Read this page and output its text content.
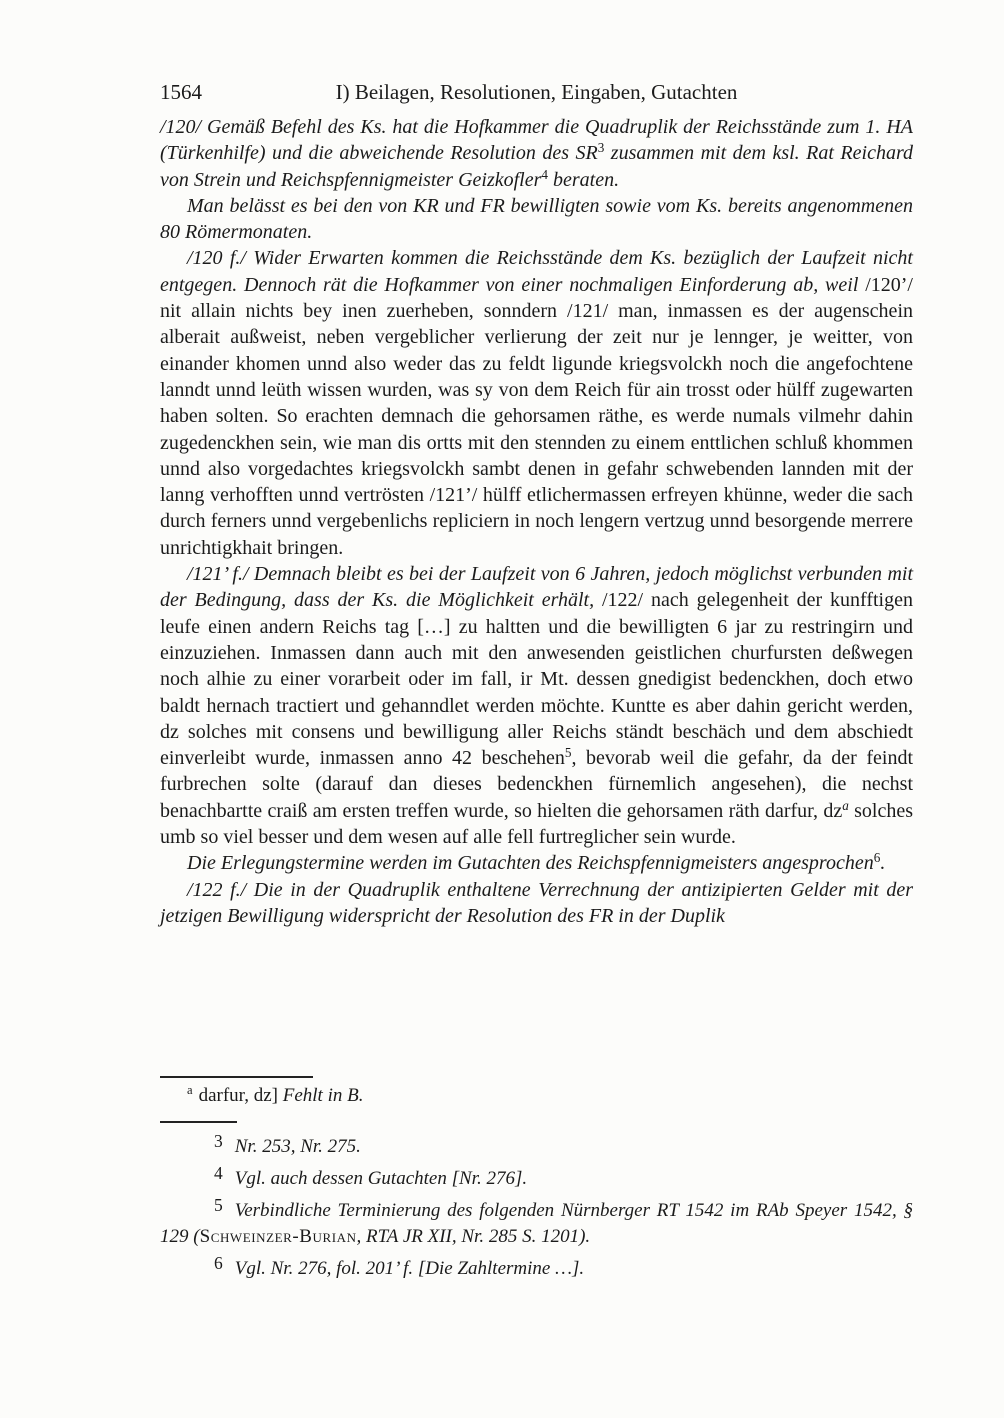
1564	I) Beilagen, Resolutionen, Eingaben, Gutachten

/120/ Gemäß Befehl des Ks. hat die Hofkammer die Quadruplik der Reichsstände zum 1. HA (Türkenhilfe) und die abweichende Resolution des $SR^3$ zusammen mit dem ksl. Rat Reichard von Strein und Reichspfennigmeister Geizkofler$^4$ beraten.

Man belässt es bei den von KR und FR bewilligten sowie vom Ks. bereits angenommenen 80 Römermonaten.

/120 f./ Wider Erwarten kommen die Reichsstände dem Ks. bezüglich der Laufzeit nicht entgegen. Dennoch rät die Hofkammer von einer nochmaligen Einforderung ab, weil /120’/ nit allain nichts bey inen zuerheben, sonndern /121/ man, inmassen es der augenschein alberait außweist, neben vergeblicher verlierung der zeit nur je lennger, je weitter, von einander khomen unnd also weder das zu feldt ligunde kriegsvolckh noch die angefochtene lanndt unnd leüth wissen wurden, was sy von dem Reich für ain trosst oder hülff zugewarten haben solten. So erachten demnach die gehorsamen räthe, es werde numals vilmehr dahin zugedenckhen sein, wie man dis ortts mit den stennden zu einem enttlichen schluß khommen unnd also vorgedachtes kriegsvolckh sambt denen in gefahr schwebenden lannden mit der lanng verhofften unnd vertrösten /121’/ hülff etlichermassen erfreyen khünne, weder die sach durch ferners unnd vergebenlichs repliciern in noch lengern vertzug unnd besorgende merrere unrichtigkhait bringen.

/121’ f./ Demnach bleibt es bei der Laufzeit von 6 Jahren, jedoch möglichst verbunden mit der Bedingung, dass der Ks. die Möglichkeit erhält, /122/ nach gelegenheit der kunfftigen leufe einen andern Reichs tag […] zu haltten und die bewilligten 6 jar zu restringirn und einzuziehen. Inmassen dann auch mit den anwesenden geistlichen churfursten deßwegen noch alhie zu einer vorarbeit oder im fall, ir Mt. dessen gnedigist bedenckhen, doch etwo baldt hernach tractiert und gehanndlet werden möchte. Kuntte es aber dahin gericht werden, dz solches mit consens und bewilligung aller Reichs ständt beschäch und dem abschiedt einverleibt wurde, inmassen anno 42 beschehen$^5$, bevorab weil die gefahr, da der feindt furbrechen solte (darauf dan dieses bedenckhen fürnemlich angesehen), die nechst benachbartte craiß am ersten treffen wurde, so hielten die gehorsamen räth darfur, $dz^a$ solches umb so viel besser und dem wesen auf alle fell furtreglicher sein wurde.

Die Erlegungstermine werden im Gutachten des Reichspfennigmeisters angesprochen$^6$.

/122 f./ Die in der Quadruplik enthaltene Verrechnung der antizipierten Gelder mit der jetzigen Bewilligung widerspricht der Resolution des FR in der Duplik

$^a$ darfur, dz] Fehlt in B.

3 Nr. 253, Nr. 275.

4 Vgl. auch dessen Gutachten [Nr. 276].

5 Verbindliche Terminierung des folgenden Nürnberger RT 1542 im RAb Speyer 1542, § 129 (Schweinzer-Burian, RTA JR XII, Nr. 285 S. 1201).

6 Vgl. Nr. 276, fol. 201’ f. [Die Zahltermine …].
